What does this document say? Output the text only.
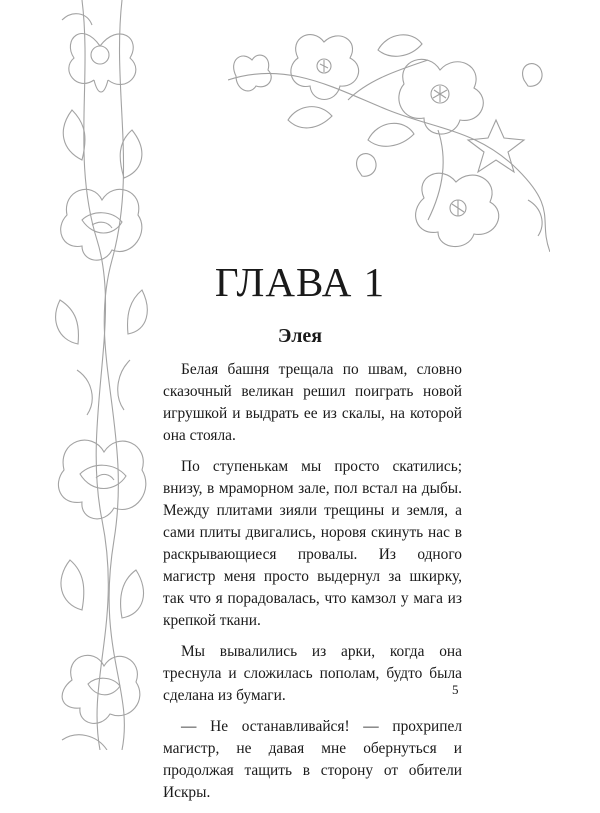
ГЛАВА 1
Элея

Белая башня трещала по швам, словно сказочный великан решил поиграть новой игрушкой и выдрать ее из скалы, на которой она стояла.

По ступенькам мы просто скатились; внизу, в мраморном зале, пол встал на дыбы. Между плитами зияли трещины и земля, а сами плиты двигались, норовя скинуть нас в раскрывающиеся провалы. Из одного магистр меня просто выдернул за шкирку, так что я порадовалась, что камзол у мага из крепкой ткани.

Мы вывалились из арки, когда она треснула и сложилась пополам, будто была сделана из бумаги.

— Не останавливайся! — прохрипел магистр, не давая мне обернуться и продолжая тащить в сторону от обители Искры.

5
